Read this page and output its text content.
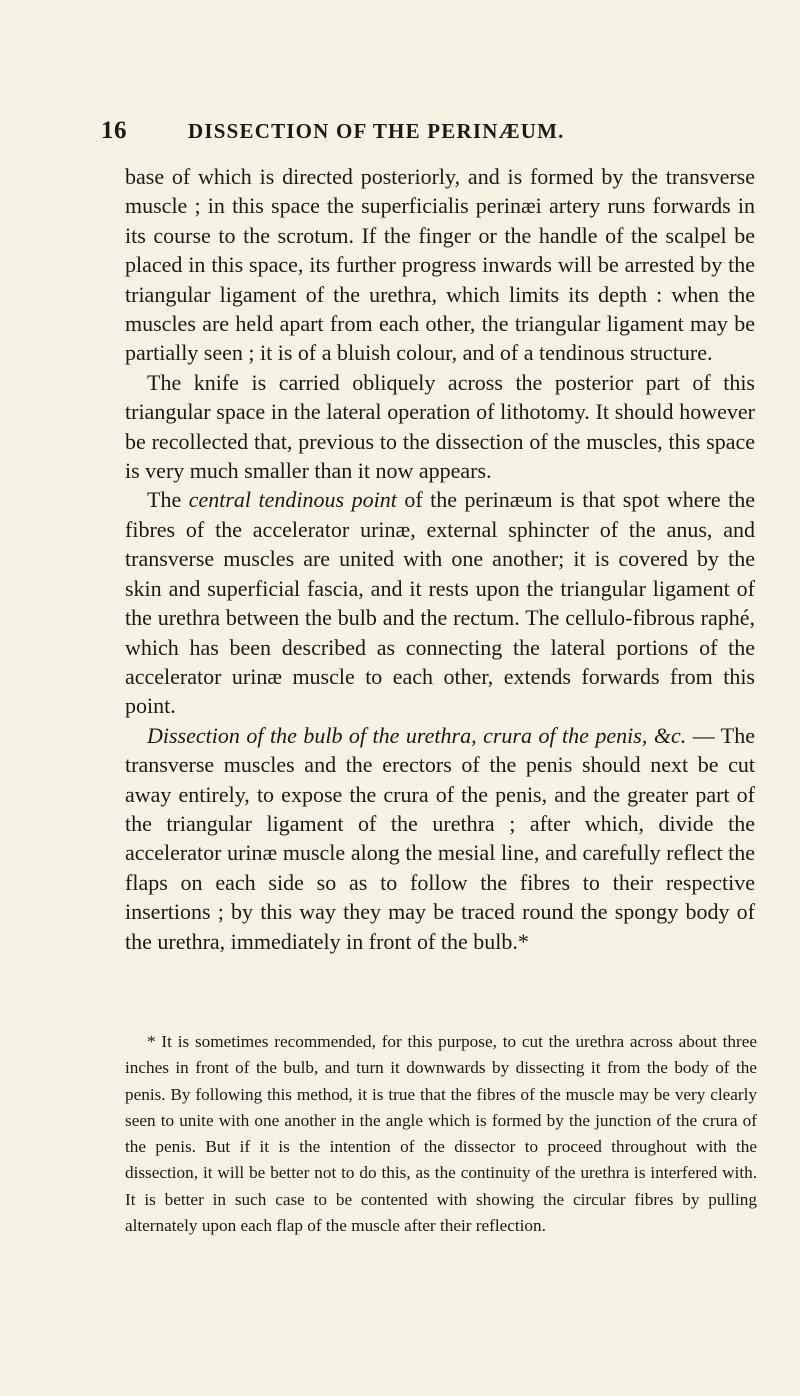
16	DISSECTION OF THE PERINÆUM.

base of which is directed posteriorly, and is formed by the transverse muscle ; in this space the superficialis perinæi artery runs forwards in its course to the scrotum. If the finger or the handle of the scalpel be placed in this space, its further progress inwards will be arrested by the triangular ligament of the urethra, which limits its depth : when the muscles are held apart from each other, the triangular ligament may be partially seen ; it is of a bluish colour, and of a tendinous structure.

The knife is carried obliquely across the posterior part of this triangular space in the lateral operation of lithotomy. It should however be recollected that, previous to the dissection of the muscles, this space is very much smaller than it now appears.

The central tendinous point of the perinæum is that spot where the fibres of the accelerator urinæ, external sphincter of the anus, and transverse muscles are united with one another; it is covered by the skin and superficial fascia, and it rests upon the triangular ligament of the urethra between the bulb and the rectum. The cellulo-fibrous raphé, which has been described as connecting the lateral portions of the accelerator urinæ muscle to each other, extends forwards from this point.

Dissection of the bulb of the urethra, crura of the penis, &c. — The transverse muscles and the erectors of the penis should next be cut away entirely, to expose the crura of the penis, and the greater part of the triangular ligament of the urethra ; after which, divide the accelerator urinæ muscle along the mesial line, and carefully reflect the flaps on each side so as to follow the fibres to their respective insertions ; by this way they may be traced round the spongy body of the urethra, immediately in front of the bulb.*

* It is sometimes recommended, for this purpose, to cut the urethra across about three inches in front of the bulb, and turn it downwards by dissecting it from the body of the penis. By following this method, it is true that the fibres of the muscle may be very clearly seen to unite with one another in the angle which is formed by the junction of the crura of the penis. But if it is the intention of the dissector to proceed throughout with the dissection, it will be better not to do this, as the continuity of the urethra is interfered with. It is better in such case to be contented with showing the circular fibres by pulling alternately upon each flap of the muscle after their reflection.
